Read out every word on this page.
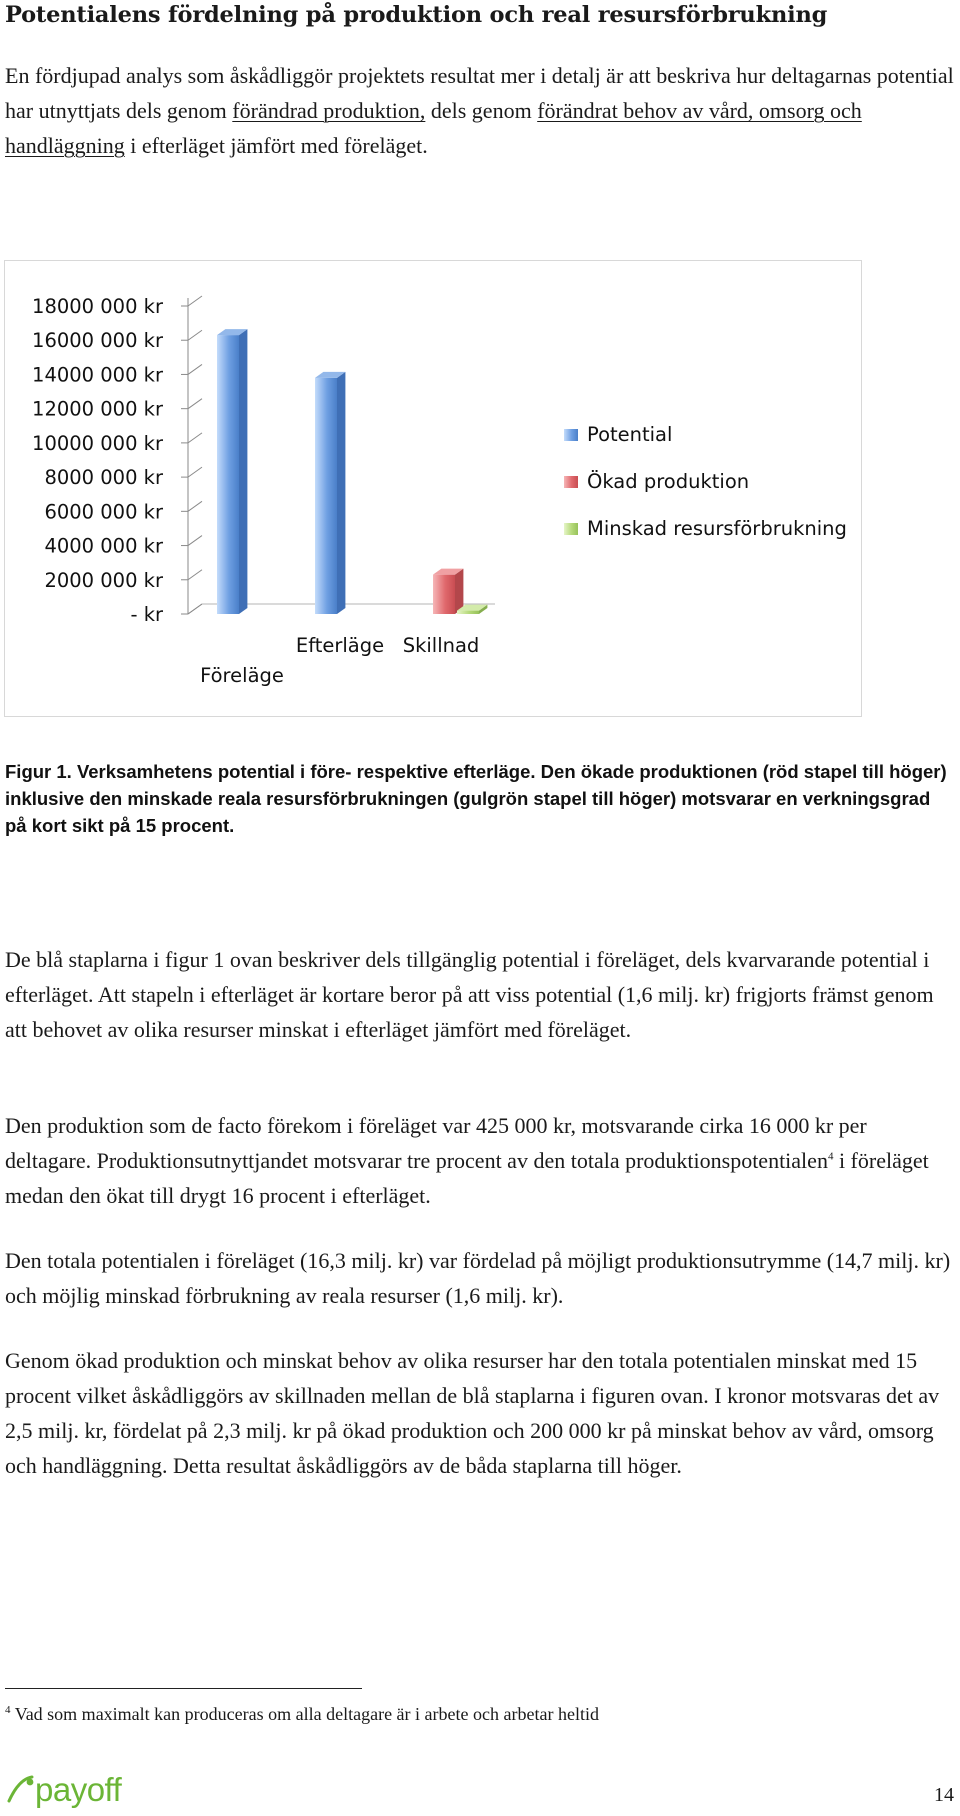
Potentialens fördelning på produktion och real resursförbrukning

En fördjupad analys som åskådliggör projektets resultat mer i detalj är att beskriva hur deltagarnas potential har utnyttjats dels genom förändrad produktion, dels genom förändrat behov av vård, omsorg och handläggning i efterläget jämfört med föreläget.

18000 000 kr
16000 000 kr
14000 000 kr
12000 000 kr
10000 000 kr
8000 000 kr
6000 000 kr
4000 000 kr
2000 000 kr
- kr
Föreläge
Efterläge Skillnad
Potential
Ökad produktion
Minskad resursförbrukning

Figur 1. Verksamhetens potential i före- respektive efterläge. Den ökade produktionen (röd stapel till höger) inklusive den minskade reala resursförbrukningen (gulgrön stapel till höger) motsvarar en verkningsgrad på kort sikt på 15 procent.

De blå staplarna i figur 1 ovan beskriver dels tillgänglig potential i föreläget, dels kvarvarande potential i efterläget. Att stapeln i efterläget är kortare beror på att viss potential (1,6 milj. kr) frigjorts främst genom att behovet av olika resurser minskat i efterläget jämfört med föreläget.

Den produktion som de facto förekom i föreläget var 425 000 kr, motsvarande cirka 16 000 kr per deltagare. Produktionsutnyttjandet motsvarar tre procent av den totala produktionspotentialen$^4$ i föreläget medan den ökat till drygt 16 procent i efterläget.

Den totala potentialen i föreläget (16,3 milj. kr) var fördelad på möjligt produktionsutrymme (14,7 milj. kr) och möjlig minskad förbrukning av reala resurser (1,6 milj. kr).

Genom ökad produktion och minskat behov av olika resurser har den totala potentialen minskat med 15 procent vilket åskådliggörs av skillnaden mellan de blå staplarna i figuren ovan. I kronor motsvaras det av 2,5 milj. kr, fördelat på 2,3 milj. kr på ökad produktion och 200 000 kr på minskat behov av vård, omsorg och handläggning. Detta resultat åskådliggörs av de båda staplarna till höger.

$^4$ Vad som maximalt kan produceras om alla deltagare är i arbete och arbetar heltid

payoff	14
